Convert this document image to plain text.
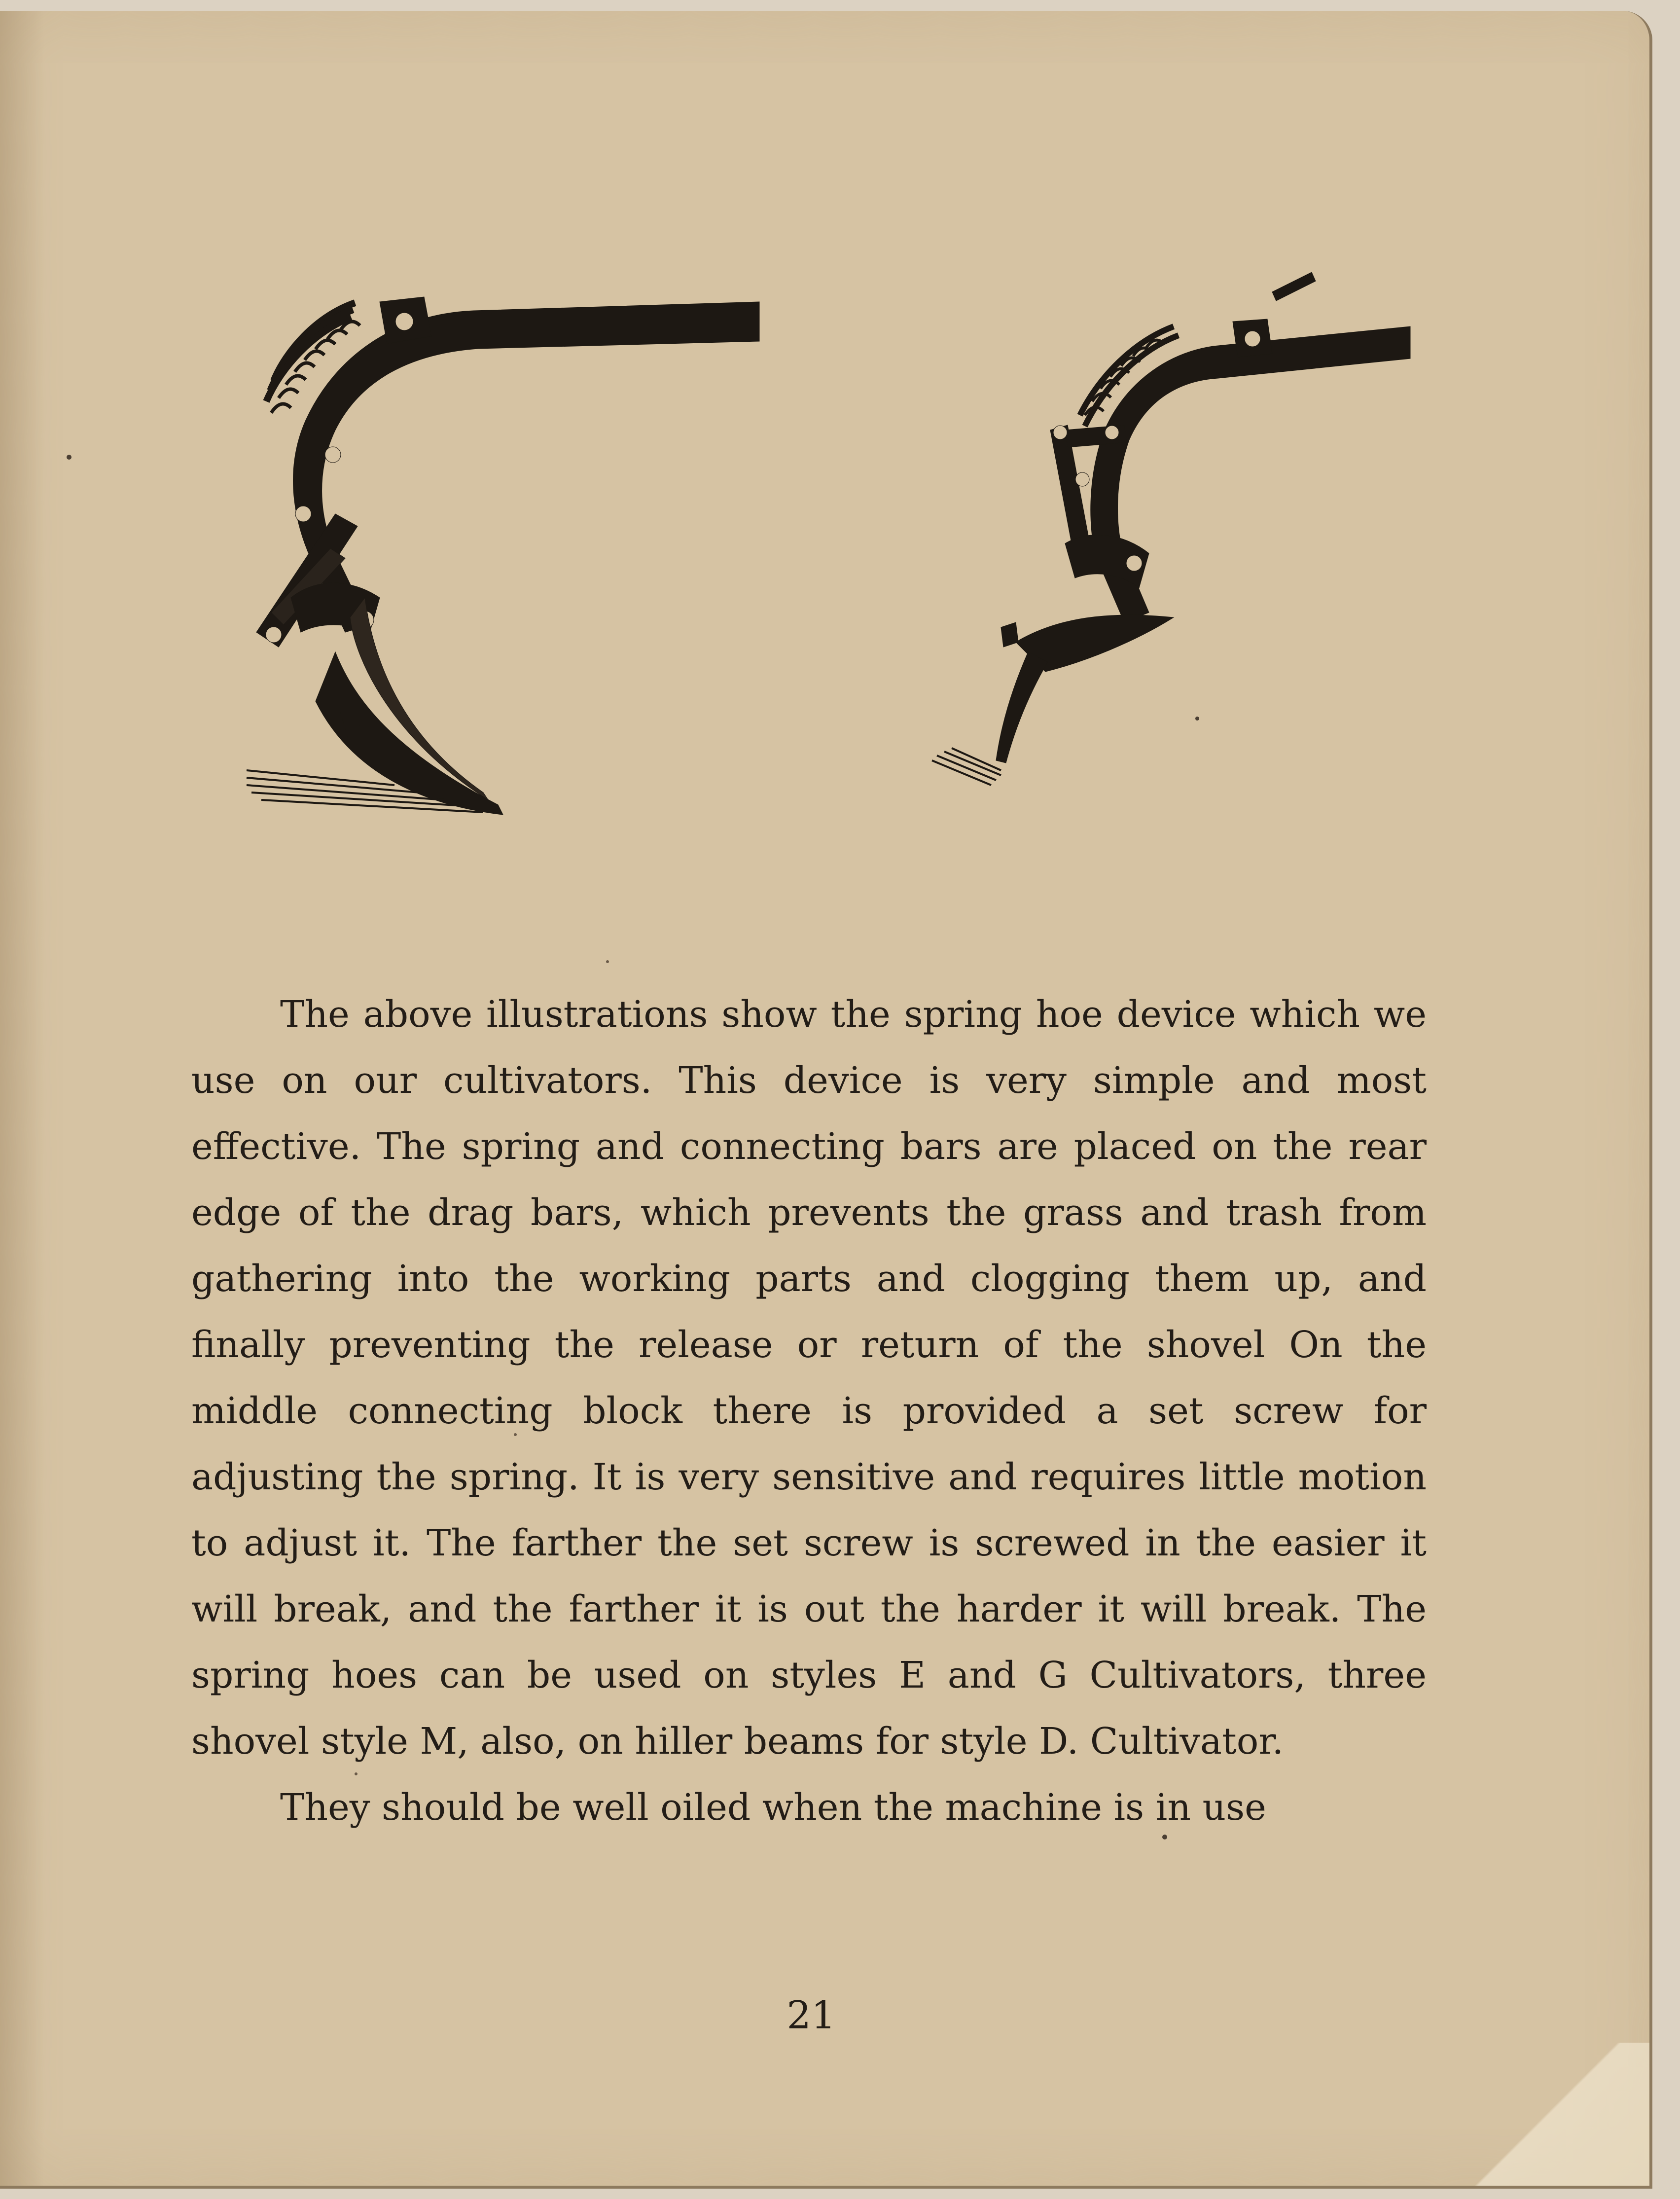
The above illustrations show the spring hoe device which we use on our cultivators. This device is very simple and most effective. The spring and connecting bars are placed on the rear edge of the drag bars, which prevents the grass and trash from gathering into the working parts and clogging them up, and finally preventing the release or return of the shovel On the middle connecting block there is provided a set screw for adjusting the spring. It is very sensitive and requires little motion to adjust it. The farther the set screw is screwed in the easier it will break, and the farther it is out the harder it will break. The spring hoes can be used on styles E and G Cultivators, three shovel style M, also, on hiller beams for style D. Cultivator.

They should be well oiled when the machine is in use

21
